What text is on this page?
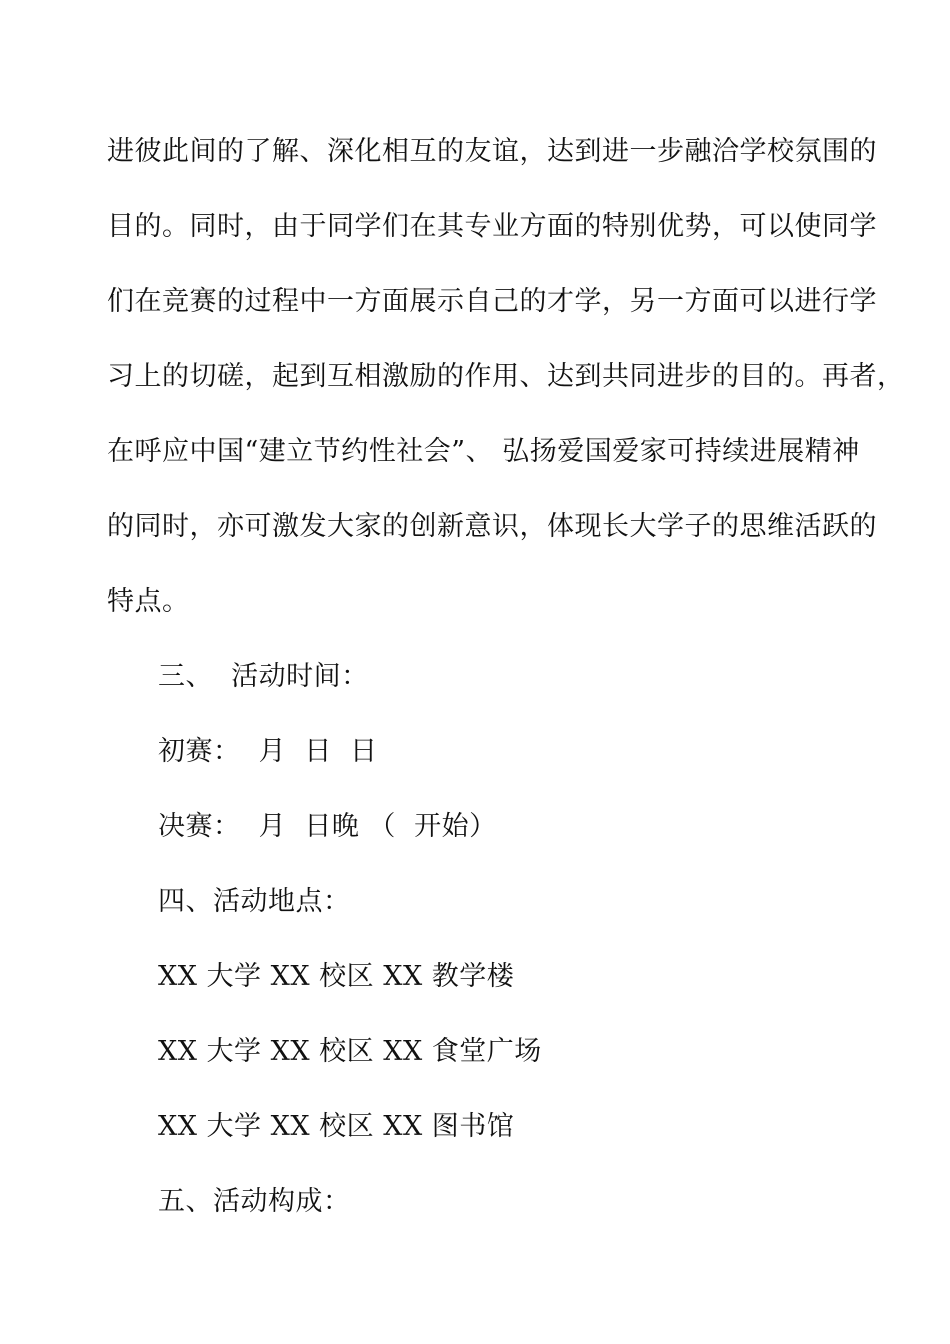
进彼此间的了解、深化相互的友谊，达到进一步融洽学校氛围的
目的。同时，由于同学们在其专业方面的特别优势，可以使同学
们在竞赛的过程中一方面展示自己的才学，另一方面可以进行学
习上的切磋，起到互相激励的作用、达到共同进步的目的。再者，
在呼应中国“建立节约性社会”、 弘扬爱国爱家可持续进展精神
的同时，亦可激发大家的创新意识，体现长大学子的思维活跃的
特点。
三、  活动时间：
初赛：  月  日  日
决赛：  月  日晚 （  开始）
四、活动地点：
XX 大学 XX 校区 XX 教学楼
XX 大学 XX 校区 XX 食堂广场
XX 大学 XX 校区 XX 图书馆
五、活动构成：
